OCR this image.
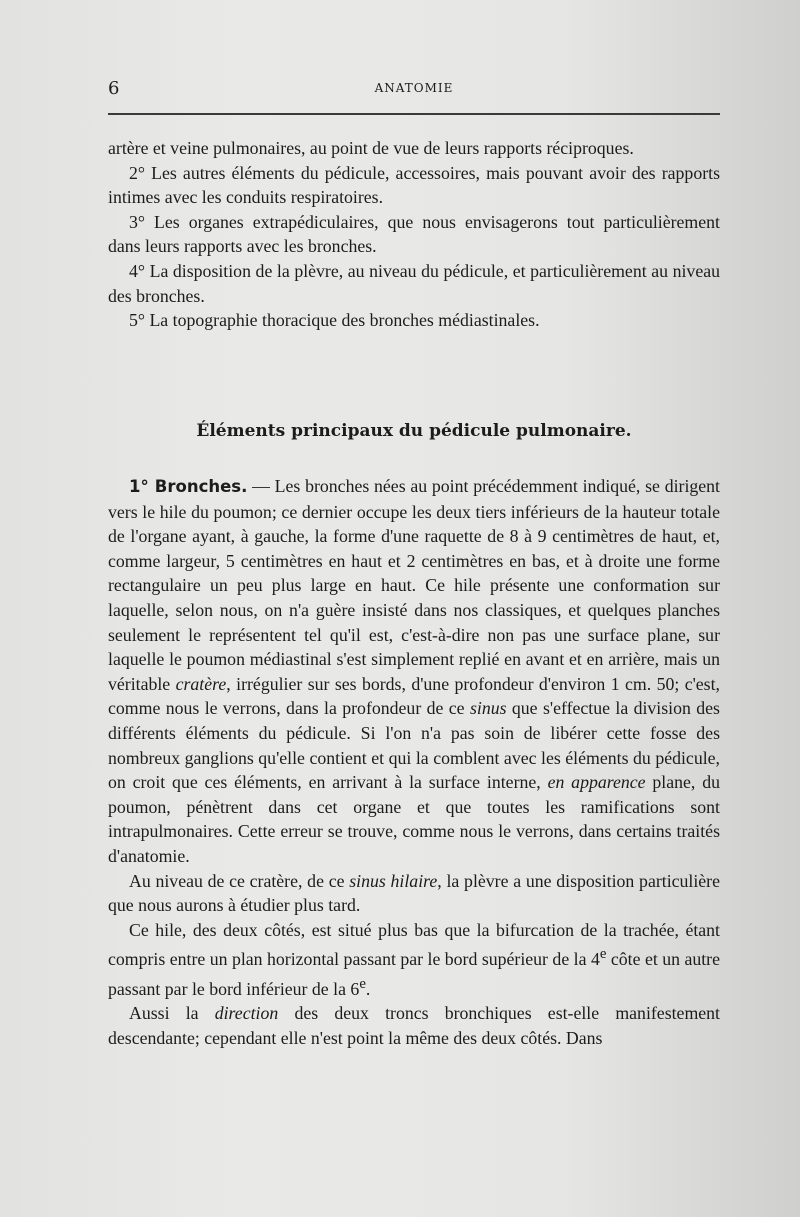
6	ANATOMIE

artère et veine pulmonaires, au point de vue de leurs rapports réciproques.

2° Les autres éléments du pédicule, accessoires, mais pouvant avoir des rapports intimes avec les conduits respiratoires.

3° Les organes extrapédiculaires, que nous envisagerons tout particulièrement dans leurs rapports avec les bronches.

4° La disposition de la plèvre, au niveau du pédicule, et particulièrement au niveau des bronches.

5° La topographie thoracique des bronches médiastinales.

Éléments principaux du pédicule pulmonaire.

1° Bronches. — Les bronches nées au point précédemment indiqué, se dirigent vers le hile du poumon; ce dernier occupe les deux tiers inférieurs de la hauteur totale de l'organe ayant, à gauche, la forme d'une raquette de 8 à 9 centimètres de haut, et, comme largeur, 5 centimètres en haut et 2 centimètres en bas, et à droite une forme rectangulaire un peu plus large en haut. Ce hile présente une conformation sur laquelle, selon nous, on n'a guère insisté dans nos classiques, et quelques planches seulement le représentent tel qu'il est, c'est-à-dire non pas une surface plane, sur laquelle le poumon médiastinal s'est simplement replié en avant et en arrière, mais un véritable cratère, irrégulier sur ses bords, d'une profondeur d'environ 1 cm. 50; c'est, comme nous le verrons, dans la profondeur de ce sinus que s'effectue la division des différents éléments du pédicule. Si l'on n'a pas soin de libérer cette fosse des nombreux ganglions qu'elle contient et qui la comblent avec les éléments du pédicule, on croit que ces éléments, en arrivant à la surface interne, en apparence plane, du poumon, pénètrent dans cet organe et que toutes les ramifications sont intrapulmonaires. Cette erreur se trouve, comme nous le verrons, dans certains traités d'anatomie.

Au niveau de ce cratère, de ce sinus hilaire, la plèvre a une disposition particulière que nous aurons à étudier plus tard.

Ce hile, des deux côtés, est situé plus bas que la bifurcation de la trachée, étant compris entre un plan horizontal passant par le bord supérieur de la 4e côte et un autre passant par le bord inférieur de la 6e.

Aussi la direction des deux troncs bronchiques est-elle manifestement descendante; cependant elle n'est point la même des deux côtés. Dans
